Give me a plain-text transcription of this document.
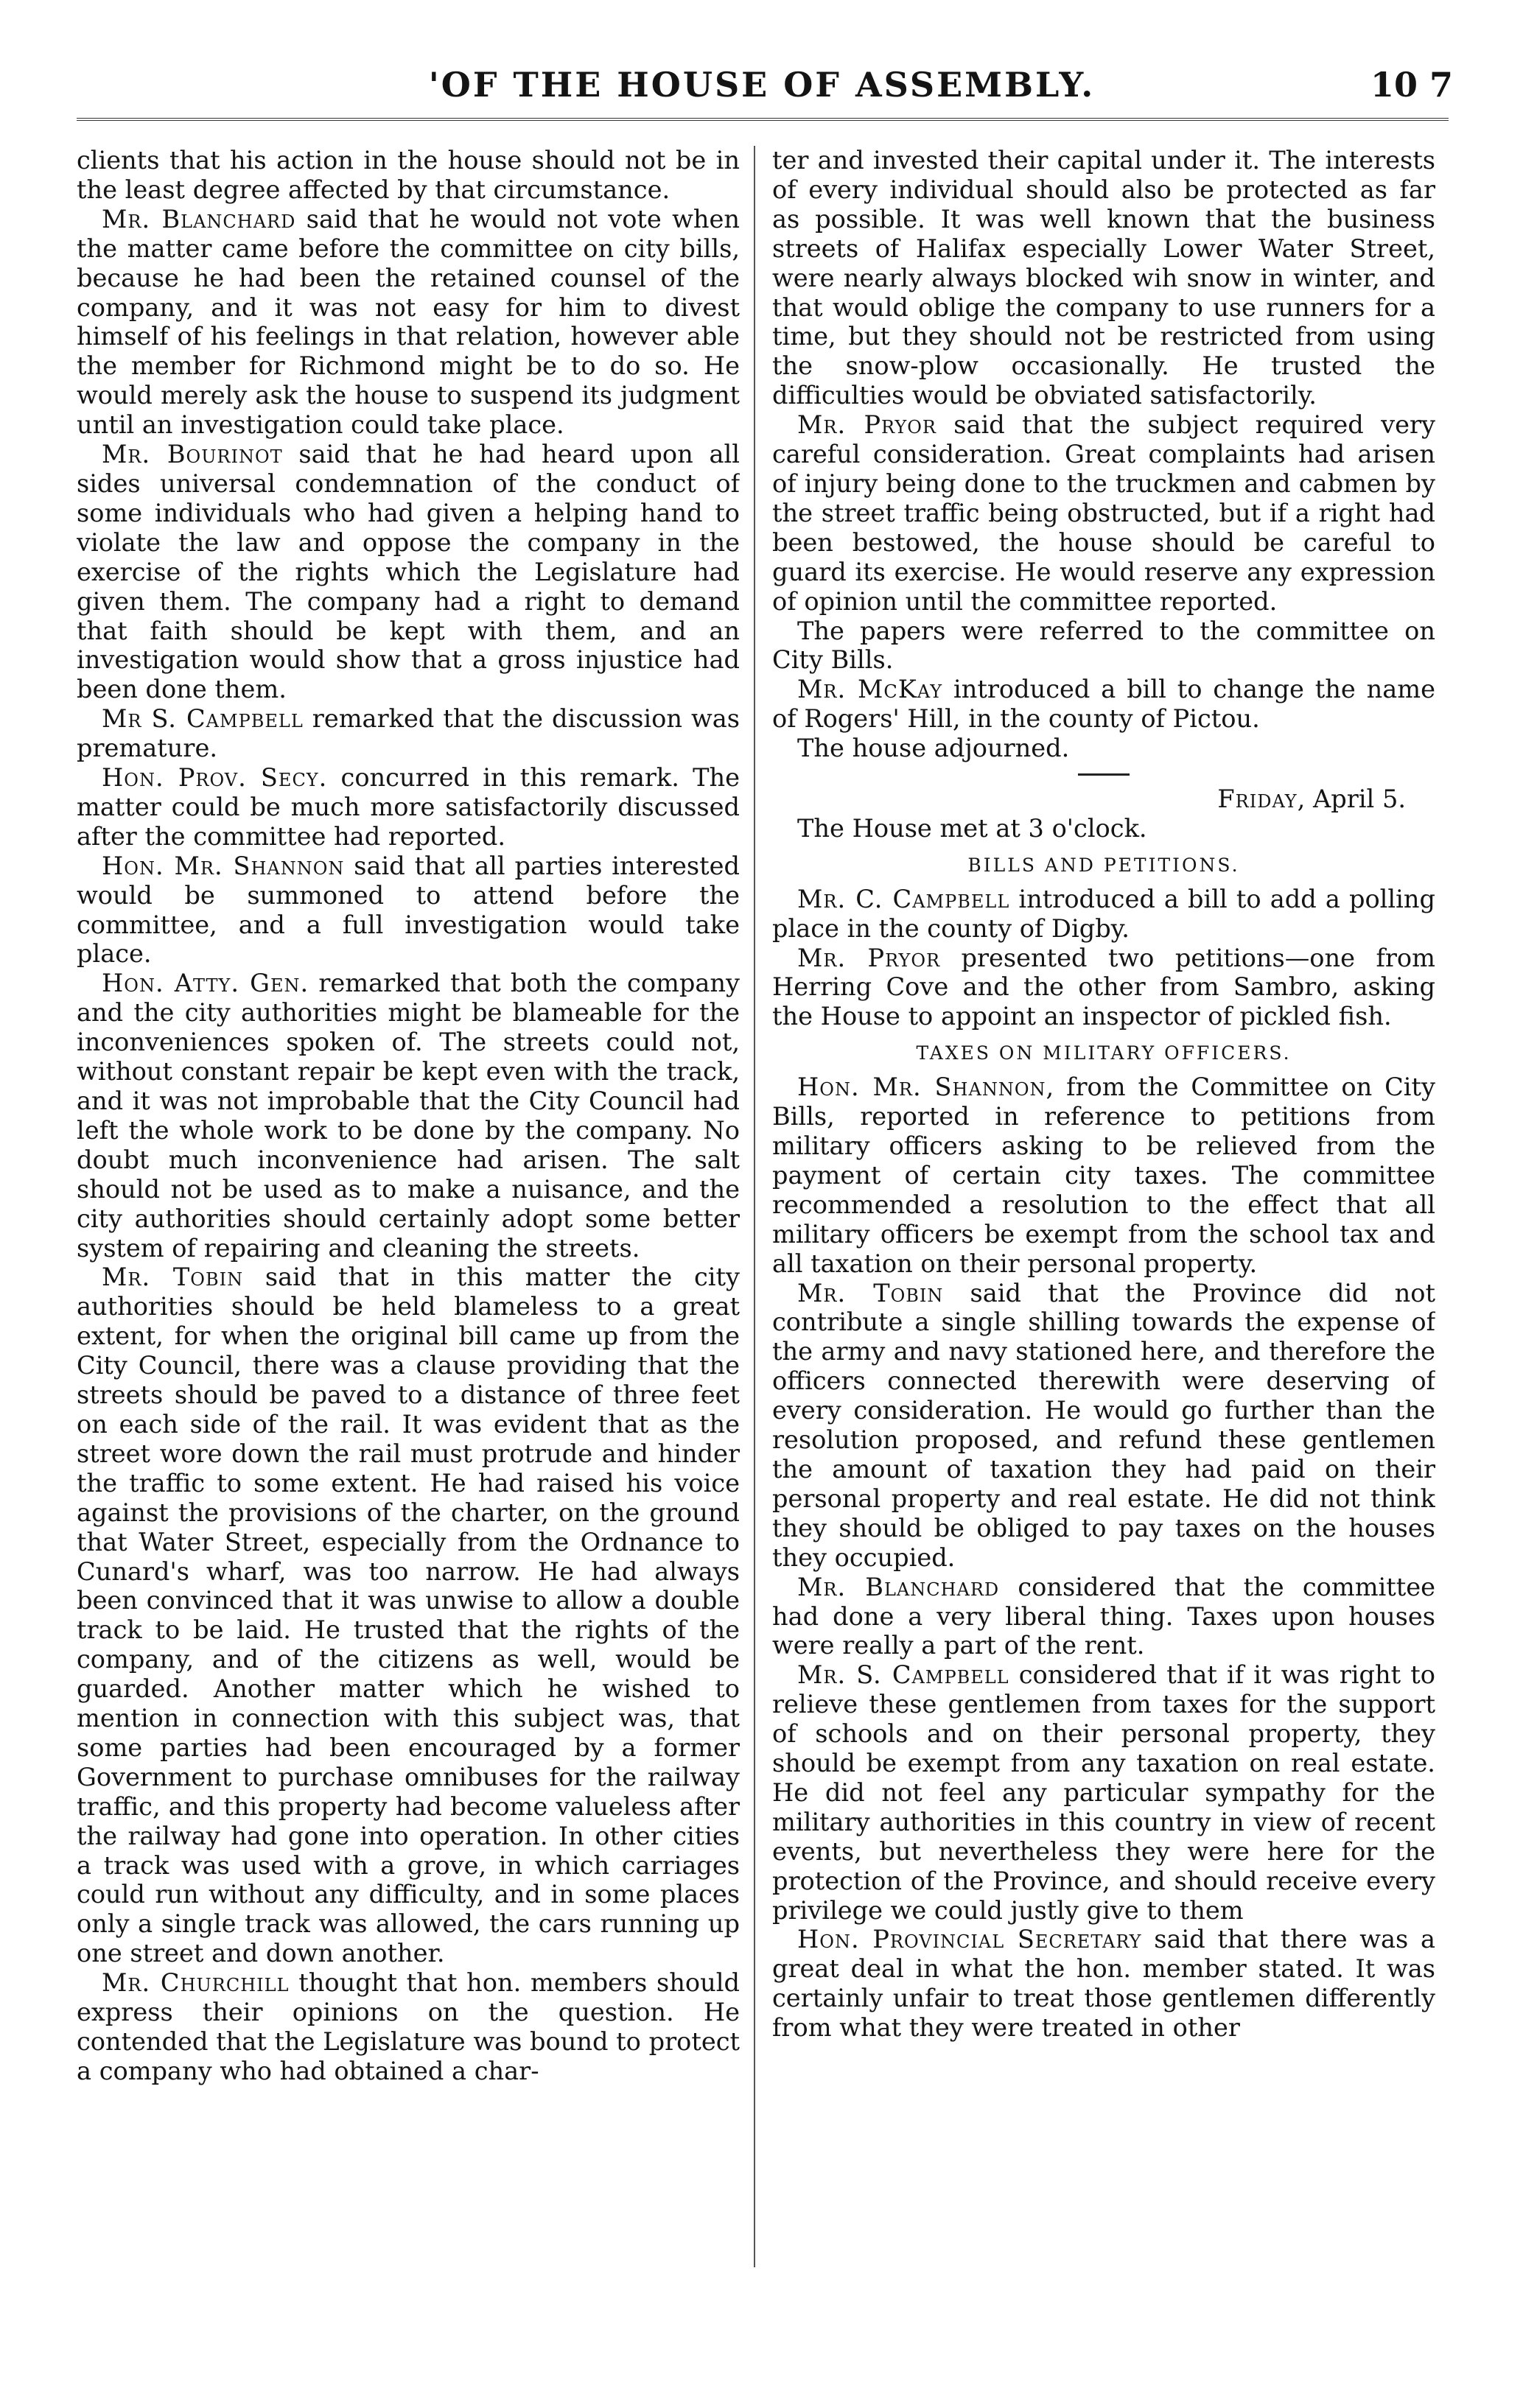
'OF THE HOUSE OF ASSEMBLY.	10 7

clients that his action in the house should not be in the least degree affected by that circumstance.

Mr. Blanchard said that he would not vote when the matter came before the committee on city bills, because he had been the retained counsel of the company, and it was not easy for him to divest himself of his feelings in that relation, however able the member for Richmond might be to do so. He would merely ask the house to suspend its judgment until an investigation could take place.

Mr. Bourinot said that he had heard upon all sides universal condemnation of the conduct of some individuals who had given a helping hand to violate the law and oppose the company in the exercise of the rights which the Legislature had given them. The company had a right to demand that faith should be kept with them, and an investigation would show that a gross injustice had been done them.

Mr S. Campbell remarked that the discussion was premature.

Hon. Prov. Secy. concurred in this remark. The matter could be much more satisfactorily discussed after the committee had reported.

Hon. Mr. Shannon said that all parties interested would be summoned to attend before the committee, and a full investigation would take place.

Hon. Atty. Gen. remarked that both the company and the city authorities might be blameable for the inconveniences spoken of. The streets could not, without constant repair be kept even with the track, and it was not improbable that the City Council had left the whole work to be done by the company. No doubt much inconvenience had arisen. The salt should not be used as to make a nuisance, and the city authorities should certainly adopt some better system of repairing and cleaning the streets.

Mr. Tobin said that in this matter the city authorities should be held blameless to a great extent, for when the original bill came up from the City Council, there was a clause providing that the streets should be paved to a distance of three feet on each side of the rail. It was evident that as the street wore down the rail must protrude and hinder the traffic to some extent. He had raised his voice against the provisions of the charter, on the ground that Water Street, especially from the Ordnance to Cunard's wharf, was too narrow. He had always been convinced that it was unwise to allow a double track to be laid. He trusted that the rights of the company, and of the citizens as well, would be guarded. Another matter which he wished to mention in connection with this subject was, that some parties had been encouraged by a former Government to purchase omnibuses for the railway traffic, and this property had become valueless after the railway had gone into operation. In other cities a track was used with a grove, in which carriages could run without any difficulty, and in some places only a single track was allowed, the cars running up one street and down another.

Mr. Churchill thought that hon. members should express their opinions on the question. He contended that the Legislature was bound to protect a company who had obtained a char-

ter and invested their capital under it. The interests of every individual should also be protected as far as possible. It was well known that the business streets of Halifax especially Lower Water Street, were nearly always blocked wih snow in winter, and that would oblige the company to use runners for a time, but they should not be restricted from using the snow-plow occasionally. He trusted the difficulties would be obviated satisfactorily.

Mr. Pryor said that the subject required very careful consideration. Great complaints had arisen of injury being done to the truckmen and cabmen by the street traffic being obstructed, but if a right had been bestowed, the house should be careful to guard its exercise. He would reserve any expression of opinion until the committee reported.

The papers were referred to the committee on City Bills.

Mr. McKay introduced a bill to change the name of Rogers' Hill, in the county of Pictou.

The house adjourned.

Friday, April 5.

The House met at 3 o'clock.

BILLS AND PETITIONS.

Mr. C. Campbell introduced a bill to add a polling place in the county of Digby.

Mr. Pryor presented two petitions—one from Herring Cove and the other from Sambro, asking the House to appoint an inspector of pickled fish.

TAXES ON MILITARY OFFICERS.

Hon. Mr. Shannon, from the Committee on City Bills, reported in reference to petitions from military officers asking to be relieved from the payment of certain city taxes. The committee recommended a resolution to the effect that all military officers be exempt from the school tax and all taxation on their personal property.

Mr. Tobin said that the Province did not contribute a single shilling towards the expense of the army and navy stationed here, and therefore the officers connected therewith were deserving of every consideration. He would go further than the resolution proposed, and refund these gentlemen the amount of taxation they had paid on their personal property and real estate. He did not think they should be obliged to pay taxes on the houses they occupied.

Mr. Blanchard considered that the committee had done a very liberal thing. Taxes upon houses were really a part of the rent.

Mr. S. Campbell considered that if it was right to relieve these gentlemen from taxes for the support of schools and on their personal property, they should be exempt from any taxation on real estate. He did not feel any particular sympathy for the military authorities in this country in view of recent events, but nevertheless they were here for the protection of the Province, and should receive every privilege we could justly give to them

Hon. Provincial Secretary said that there was a great deal in what the hon. member stated. It was certainly unfair to treat those gentlemen differently from what they were treated in other
